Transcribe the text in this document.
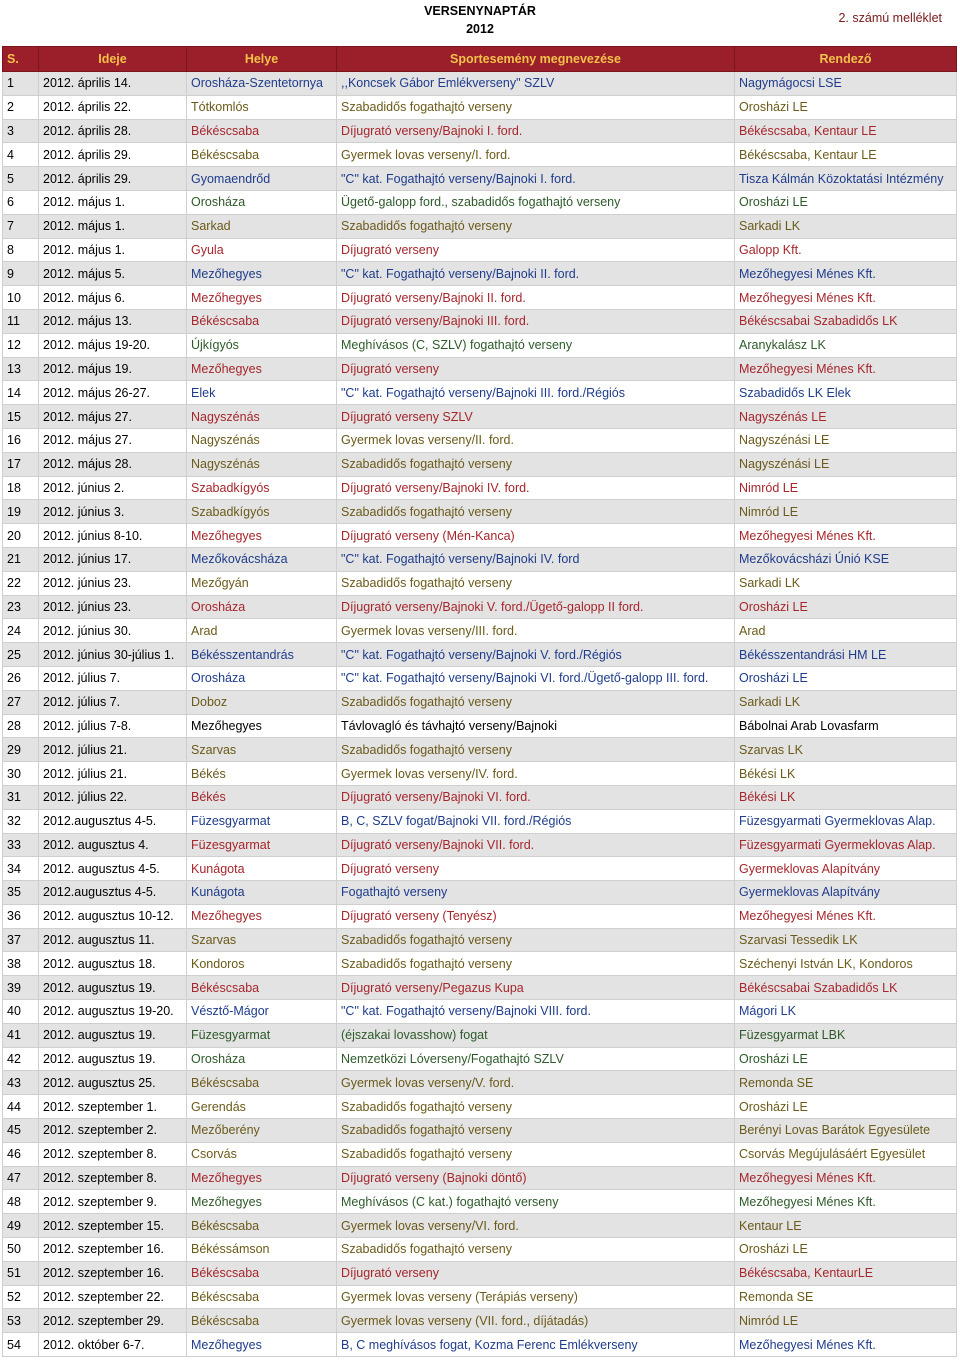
VERSENYNAPTÁR
2012
2. számú melléklet
S.	Ideje	Helye	Sportesemény megnevezése	Rendező
1	2012. április 14.	Orosháza-Szentetornya	,,Koncsek Gábor Emlékverseny" SZLV	Nagymágocsi LSE
2	2012. április 22.	Tótkomlós	Szabadidős fogathajtó verseny	Orosházi LE
3	2012. április 28.	Békéscsaba	Díjugrató verseny/Bajnoki I. ford.	Békéscsaba, Kentaur LE
4	2012. április 29.	Békéscsaba	Gyermek lovas verseny/I. ford.	Békéscsaba, Kentaur LE
5	2012. április 29.	Gyomaendrőd	"C" kat. Fogathajtó verseny/Bajnoki I. ford.	Tisza Kálmán Közoktatási Intézmény
6	2012. május 1.	Orosháza	Ügető-galopp ford., szabadidős fogathajtó verseny	Orosházi LE
7	2012. május 1.	Sarkad	Szabadidős fogathajtó verseny	Sarkadi LK
8	2012. május 1.	Gyula	Díjugrató verseny	Galopp Kft.
9	2012. május 5.	Mezőhegyes	"C" kat. Fogathajtó verseny/Bajnoki II. ford.	Mezőhegyesi Ménes Kft.
10	2012. május 6.	Mezőhegyes	Díjugrató verseny/Bajnoki II. ford.	Mezőhegyesi Ménes Kft.
11	2012. május 13.	Békéscsaba	Díjugrató verseny/Bajnoki III. ford.	Békéscsabai Szabadidős LK
12	2012. május 19-20.	Újkígyós	Meghívásos (C, SZLV) fogathajtó verseny	Aranykalász LK
13	2012. május 19.	Mezőhegyes	Díjugrató verseny	Mezőhegyesi Ménes Kft.
14	2012. május 26-27.	Elek	"C" kat. Fogathajtó verseny/Bajnoki III. ford./Régiós	Szabadidős LK Elek
15	2012. május 27.	Nagyszénás	Díjugrató verseny SZLV	Nagyszénás LE
16	2012. május 27.	Nagyszénás	Gyermek lovas verseny/II. ford.	Nagyszénási LE
17	2012. május 28.	Nagyszénás	Szabadidős fogathajtó verseny	Nagyszénási LE
18	2012. június 2.	Szabadkígyós	Díjugrató verseny/Bajnoki IV. ford.	Nimród LE
19	2012. június 3.	Szabadkígyós	Szabadidős fogathajtó verseny	Nimród LE
20	2012. június 8-10.	Mezőhegyes	Díjugrató verseny (Mén-Kanca)	Mezőhegyesi Ménes Kft.
21	2012. június 17.	Mezőkovácsháza	"C" kat. Fogathajtó verseny/Bajnoki IV. ford	Mezőkovácsházi Únió KSE
22	2012. június 23.	Mezőgyán	Szabadidős fogathajtó verseny	Sarkadi LK
23	2012. június 23.	Orosháza	Díjugrató verseny/Bajnoki V. ford./Ügető-galopp II ford.	Orosházi LE
24	2012. június 30.	Arad	Gyermek lovas verseny/III. ford.	Arad
25	2012. június 30-július 1.	Békésszentandrás	"C" kat. Fogathajtó verseny/Bajnoki V. ford./Régiós	Békésszentandrási HM LE
26	2012. július 7.	Orosháza	"C" kat. Fogathajtó verseny/Bajnoki VI. ford./Ügető-galopp III. ford.	Orosházi LE
27	2012. július 7.	Doboz	Szabadidős fogathajtó verseny	Sarkadi LK
28	2012. július 7-8.	Mezőhegyes	Távlovagló és távhajtó verseny/Bajnoki	Bábolnai Arab Lovasfarm
29	2012. július 21.	Szarvas	Szabadidős fogathajtó verseny	Szarvas LK
30	2012. július 21.	Békés	Gyermek lovas verseny/IV. ford.	Békési LK
31	2012. július 22.	Békés	Díjugrató verseny/Bajnoki VI. ford.	Békési LK
32	2012.augusztus 4-5.	Füzesgyarmat	B, C, SZLV fogat/Bajnoki VII. ford./Régiós	Füzesgyarmati Gyermeklovas Alap.
33	2012. augusztus 4.	Füzesgyarmat	Díjugrató verseny/Bajnoki VII. ford.	Füzesgyarmati Gyermeklovas Alap.
34	2012. augusztus 4-5.	Kunágota	Díjugrató verseny	Gyermeklovas Alapítvány
35	2012.augusztus 4-5.	Kunágota	Fogathajtó verseny	Gyermeklovas Alapítvány
36	2012. augusztus 10-12.	Mezőhegyes	Díjugrató verseny (Tenyész)	Mezőhegyesi Ménes Kft.
37	2012. augusztus 11.	Szarvas	Szabadidős fogathajtó verseny	Szarvasi Tessedik LK
38	2012. augusztus 18.	Kondoros	Szabadidős fogathajtó verseny	Széchenyi István LK, Kondoros
39	2012. augusztus 19.	Békéscsaba	Díjugrató verseny/Pegazus Kupa	Békéscsabai Szabadidős LK
40	2012. augusztus 19-20.	Vésztő-Mágor	"C" kat. Fogathajtó verseny/Bajnoki VIII. ford.	Mágori LK
41	2012. augusztus 19.	Füzesgyarmat	(éjszakai lovasshow) fogat	Füzesgyarmat LBK
42	2012. augusztus 19.	Orosháza	Nemzetközi Lóverseny/Fogathajtó SZLV	Orosházi LE
43	2012. augusztus 25.	Békéscsaba	Gyermek lovas verseny/V. ford.	Remonda SE
44	2012. szeptember 1.	Gerendás	Szabadidős fogathajtó verseny	Orosházi LE
45	2012. szeptember 2.	Mezőberény	Szabadidős fogathajtó verseny	Berényi Lovas Barátok Egyesülete
46	2012. szeptember 8.	Csorvás	Szabadidős fogathajtó verseny	Csorvás Megújulásáért Egyesület
47	2012. szeptember 8.	Mezőhegyes	Díjugrató verseny (Bajnoki döntő)	Mezőhegyesi Ménes Kft.
48	2012. szeptember 9.	Mezőhegyes	Meghívásos (C kat.) fogathajtó verseny	Mezőhegyesi Ménes Kft.
49	2012. szeptember 15.	Békéscsaba	Gyermek lovas verseny/VI. ford.	Kentaur LE
50	2012. szeptember 16.	Békéssámson	Szabadidős fogathajtó verseny	Orosházi LE
51	2012. szeptember 16.	Békéscsaba	Díjugrató verseny	Békéscsaba, KentaurLE
52	2012. szeptember 22.	Békéscsaba	Gyermek lovas verseny (Terápiás verseny)	Remonda SE
53	2012. szeptember 29.	Békéscsaba	Gyermek lovas verseny (VII. ford., díjátadás)	Nimród LE
54	2012. október 6-7.	Mezőhegyes	B, C meghívásos fogat, Kozma Ferenc Emlékverseny	Mezőhegyesi Ménes Kft.
